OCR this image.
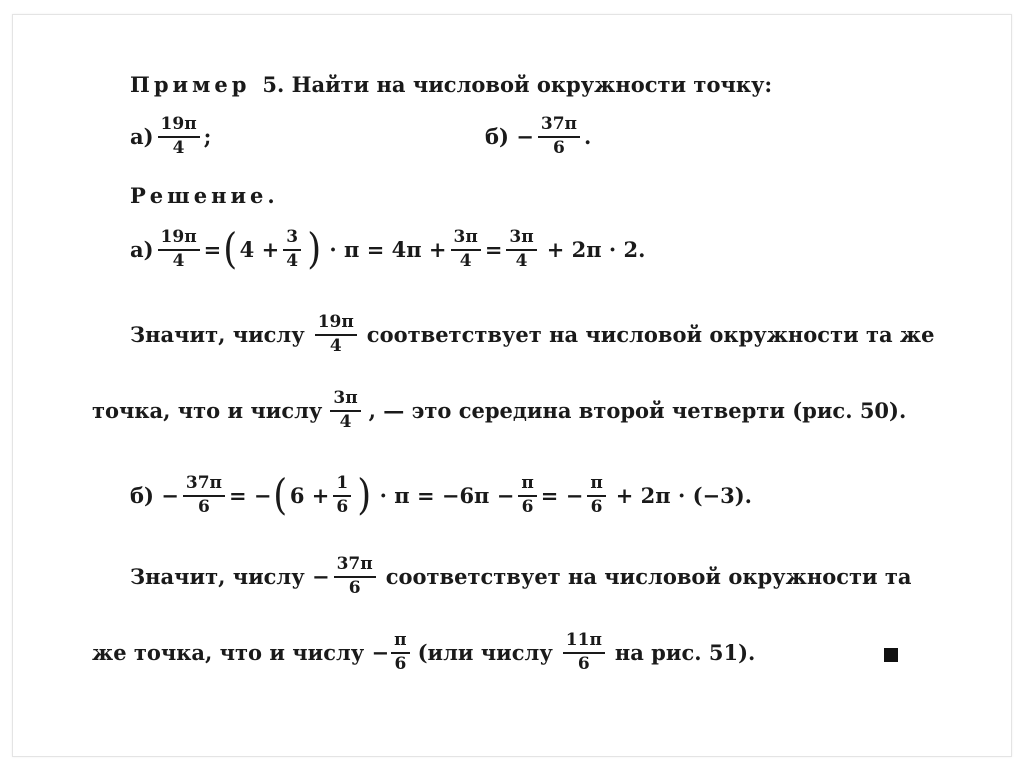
Пример 5. Найти на числовой окружности точку:
$а) \frac{19\pi}{4}$ ;	$б) - \frac{37\pi}{6}$ .
Решение.
$а) \frac{19\pi}{4}$ = ( $4 + \frac{3}{4}$ ) · $\pi = 4\pi + \frac{3\pi}{4} = \frac{3\pi}{4} + 2\pi \cdot 2$.
Значит, числу $\frac{19\pi}{4}$ соответствует на числовой окружности та же
точка, что и числу $\frac{3\pi}{4}$ , — это середина второй четверти (рис. 50).
$б) - \frac{37\pi}{6}$ = − ( $6 + \frac{1}{6}$ ) · $\pi = -6\pi - \frac{\pi}{6}$ = − $\frac{\pi}{6} + 2\pi \cdot (-3)$.
Значит, числу − $\frac{37\pi}{6}$ соответствует на числовой окружности та
же точка, что и числу − $\frac{\pi}{6} (или$ числу $\frac{11\pi}{6}$ на рис. 51).
